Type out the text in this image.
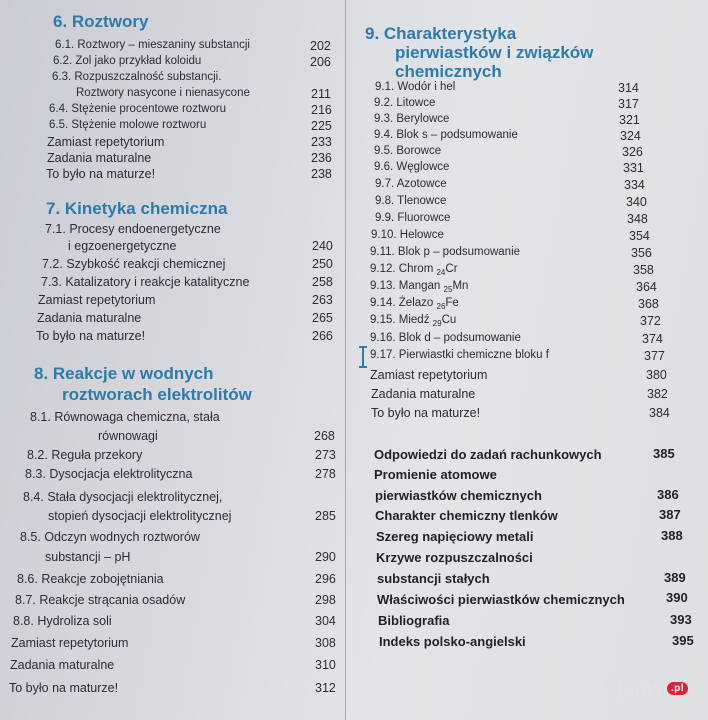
6. Roztwory
6.1. Roztwory – mieszaniny substancji	202
6.2. Zol jako przykład koloidu	206
6.3. Rozpuszczalność substancji.
Roztwory nasycone i nienasycone	211
6.4. Stężenie procentowe roztworu	216
6.5. Stężenie molowe roztworu	225
Zamiast repetytorium	233
Zadania maturalne	236
To było na maturze!	238
7. Kinetyka chemiczna
7.1. Procesy endoenergetyczne
i egzoenergetyczne	240
7.2. Szybkość reakcji chemicznej	250
7.3. Katalizatory i reakcje katalityczne	258
Zamiast repetytorium	263
Zadania maturalne	265
To było na maturze!	266
8. Reakcje w wodnych
roztworach elektrolitów
8.1. Równowaga chemiczna, stała
równowagi	268
8.2. Reguła przekory	273
8.3. Dysocjacja elektrolityczna	278
8.4. Stała dysocjacji elektrolitycznej,
stopień dysocjacji elektrolitycznej	285
8.5. Odczyn wodnych roztworów
substancji – pH	290
8.6. Reakcje zobojętniania	296
8.7. Reakcje strącania osadów	298
8.8. Hydroliza soli	304
Zamiast repetytorium	308
Zadania maturalne	310
To było na maturze!	312
9. Charakterystyka
pierwiastków i związków
chemicznych
9.1. Wodór i hel	314
9.2. Litowce	317
9.3. Berylowce	321
9.4. Blok s – podsumowanie	324
9.5. Borowce	326
9.6. Węglowce	331
9.7. Azotowce	334
9.8. Tlenowce	340
9.9. Fluorowce	348
9.10. Helowce	354
9.11. Blok p – podsumowanie	356
9.12. Chrom $_{24}$Cr	358
9.13. Mangan $_{25}$Mn	364
9.14. Żelazo $_{26}$Fe	368
9.15. Miedź $_{29}$Cu	372
9.16. Blok d – podsumowanie	374
9.17. Pierwiastki chemiczne bloku f	377
Zamiast repetytorium	380
Zadania maturalne	382
To było na maturze!	384
Odpowiedzi do zadań rachunkowych	385
Promienie atomowe
pierwiastków chemicznych	386
Charakter chemiczny tlenków	387
Szereg napięciowy metali	388
Krzywe rozpuszczalności
substancji stałych	389
Właściwości pierwiastków chemicznych	390
Bibliografia	393
Indeks polsko-angielski	395
Sprzedajemy .pl
